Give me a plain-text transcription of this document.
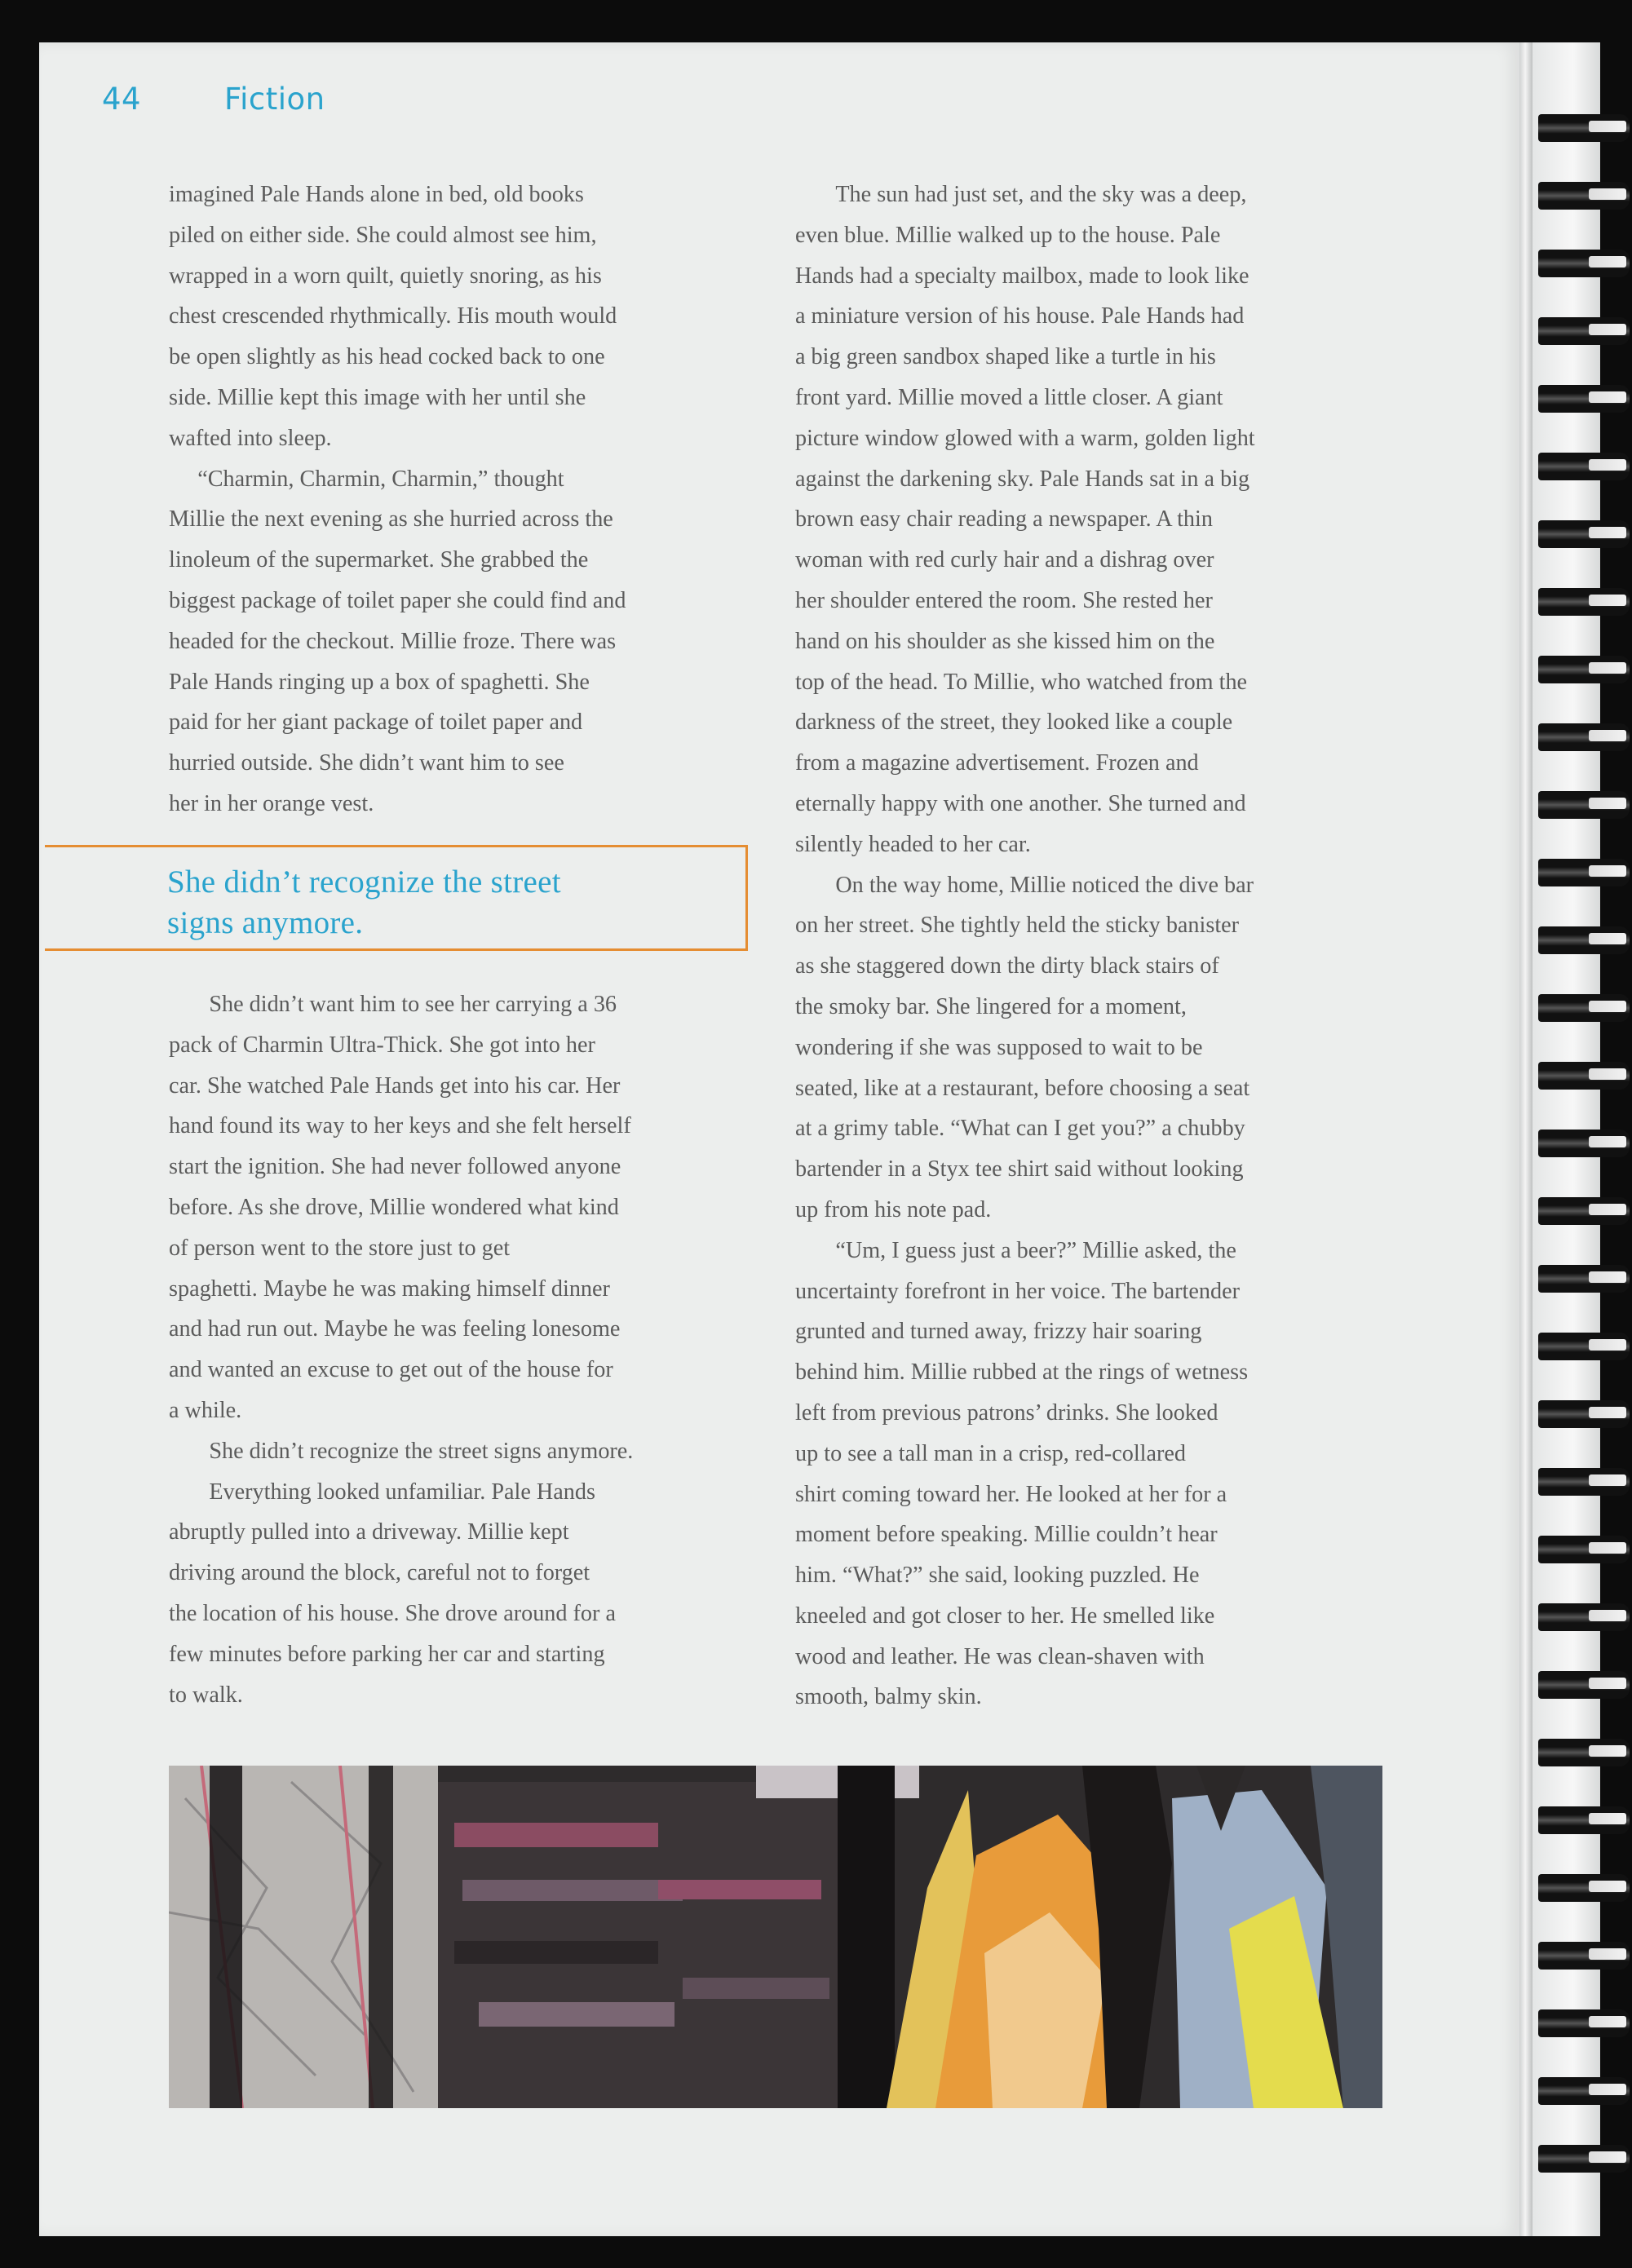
44	Fiction

imagined Pale Hands alone in bed, old books

piled on either side. She could almost see him,

wrapped in a worn quilt, quietly snoring, as his

chest crescended rhythmically. His mouth would

be open slightly as his head cocked back to one

side. Millie kept this image with her until she

wafted into sleep.

“Charmin, Charmin, Charmin,” thought

Millie the next evening as she hurried across the

linoleum of the supermarket. She grabbed the

biggest package of toilet paper she could find and

headed for the checkout. Millie froze. There was

Pale Hands ringing up a box of spaghetti. She

paid for her giant package of toilet paper and

hurried outside. She didn’t want him to see

her in her orange vest.

She didn’t recognize the street
signs anymore.

She didn’t want him to see her carrying a 36

pack of Charmin Ultra-Thick. She got into her

car. She watched Pale Hands get into his car. Her

hand found its way to her keys and she felt herself

start the ignition. She had never followed anyone

before. As she drove, Millie wondered what kind

of person went to the store just to get

spaghetti. Maybe he was making himself dinner

and had run out. Maybe he was feeling lonesome

and wanted an excuse to get out of the house for

a while.

She didn’t recognize the street signs anymore.

Everything looked unfamiliar. Pale Hands

abruptly pulled into a driveway. Millie kept

driving around the block, careful not to forget

the location of his house. She drove around for a

few minutes before parking her car and starting

to walk.

The sun had just set, and the sky was a deep,

even blue. Millie walked up to the house. Pale

Hands had a specialty mailbox, made to look like

a miniature version of his house. Pale Hands had

a big green sandbox shaped like a turtle in his

front yard. Millie moved a little closer. A giant

picture window glowed with a warm, golden light

against the darkening sky. Pale Hands sat in a big

brown easy chair reading a newspaper. A thin

woman with red curly hair and a dishrag over

her shoulder entered the room. She rested her

hand on his shoulder as she kissed him on the

top of the head. To Millie, who watched from the

darkness of the street, they looked like a couple

from a magazine advertisement. Frozen and

eternally happy with one another. She turned and

silently headed to her car.

On the way home, Millie noticed the dive bar

on her street. She tightly held the sticky banister

as she staggered down the dirty black stairs of

the smoky bar. She lingered for a moment,

wondering if she was supposed to wait to be

seated, like at a restaurant, before choosing a seat

at a grimy table. “What can I get you?” a chubby

bartender in a Styx tee shirt said without looking

up from his note pad.

“Um, I guess just a beer?” Millie asked, the

uncertainty forefront in her voice. The bartender

grunted and turned away, frizzy hair soaring

behind him. Millie rubbed at the rings of wetness

left from previous patrons’ drinks. She looked

up to see a tall man in a crisp, red-collared

shirt coming toward her. He looked at her for a

moment before speaking. Millie couldn’t hear

him. “What?” she said, looking puzzled. He

kneeled and got closer to her. He smelled like

wood and leather. He was clean-shaven with

smooth, balmy skin.
